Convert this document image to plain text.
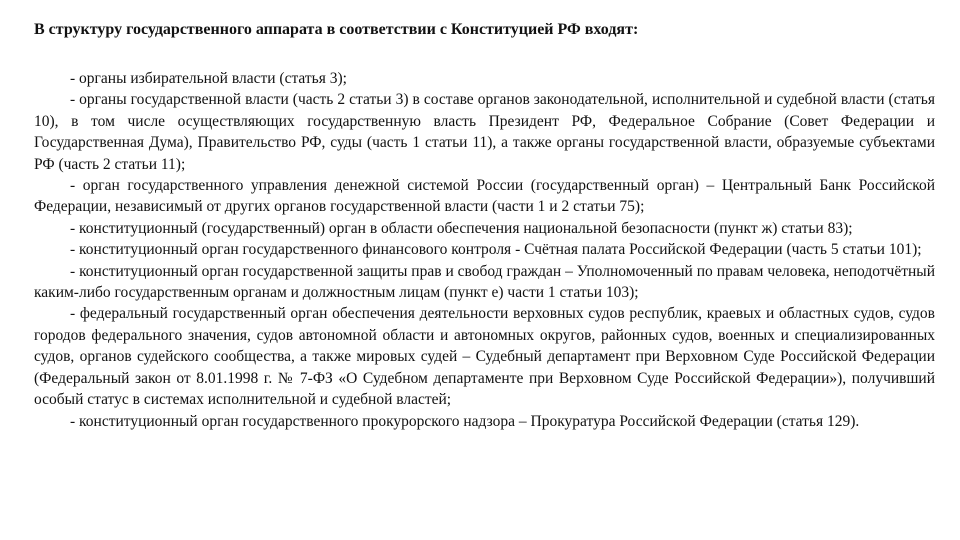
В структуру государственного аппарата в соответствии с Конституцией РФ входят:

- органы избирательной власти (статья 3);

- органы государственной власти (часть 2 статьи 3) в составе органов законодательной, исполнительной и судебной власти (статья 10), в том числе осуществляющих государственную власть Президент РФ, Федеральное Собрание (Совет Федерации и Государственная Дума), Правительство РФ, суды (часть 1 статьи 11), а также органы государственной власти, образуемые субъектами РФ (часть 2 статьи 11);

- орган государственного управления денежной системой России (государственный орган) – Центральный Банк Российской Федерации, независимый от других органов государственной власти (части 1 и 2 статьи 75);

- конституционный (государственный) орган в области обеспечения национальной безопасности (пункт ж) статьи 83);

- конституционный орган государственного финансового контроля - Счётная палата Российской Федерации (часть 5 статьи 101);

- конституционный орган государственной защиты прав и свобод граждан – Уполномоченный по правам человека, неподотчётный каким-либо государственным органам и должностным лицам (пункт е) части 1 статьи 103);

- федеральный государственный орган обеспечения деятельности верховных судов республик, краевых и областных судов, судов городов федерального значения, судов автономной области и автономных округов, районных судов, военных и специализированных судов, органов судейского сообщества, а также мировых судей – Судебный департамент при Верховном Суде Российской Федерации (Федеральный закон от 8.01.1998 г. № 7-ФЗ «О Судебном департаменте при Верховном Суде Российской Федерации»), получивший особый статус в системах исполнительной и судебной властей;

- конституционный орган государственного прокурорского надзора – Прокуратура Российской Федерации (статья 129).
